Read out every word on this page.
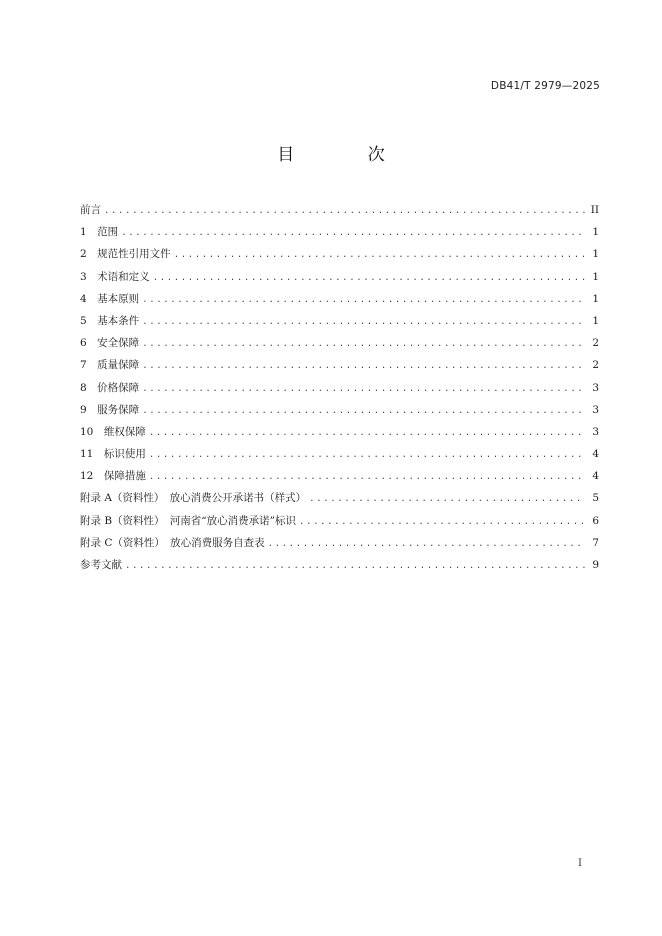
DB41/T 2979—2025
目 次
前言 .....	II
1　范围 .....	1
2　规范性引用文件 .....	1
3　术语和定义 .....	1
4　基本原则 .....	1
5　基本条件 .....	1
6　安全保障 .....	2
7　质量保障 .....	2
8　价格保障 .....	3
9　服务保障 .....	3
10　维权保障 .....	3
11　标识使用 .....	4
12　保障措施 .....	4
附录 A（资料性）　放心消费公开承诺书（样式） .....	5
附录 B（资料性）　河南省“放心消费承诺”标识 .....	6
附录 C（资料性）　放心消费服务自查表 .....	7
参考文献 .....	9
I
